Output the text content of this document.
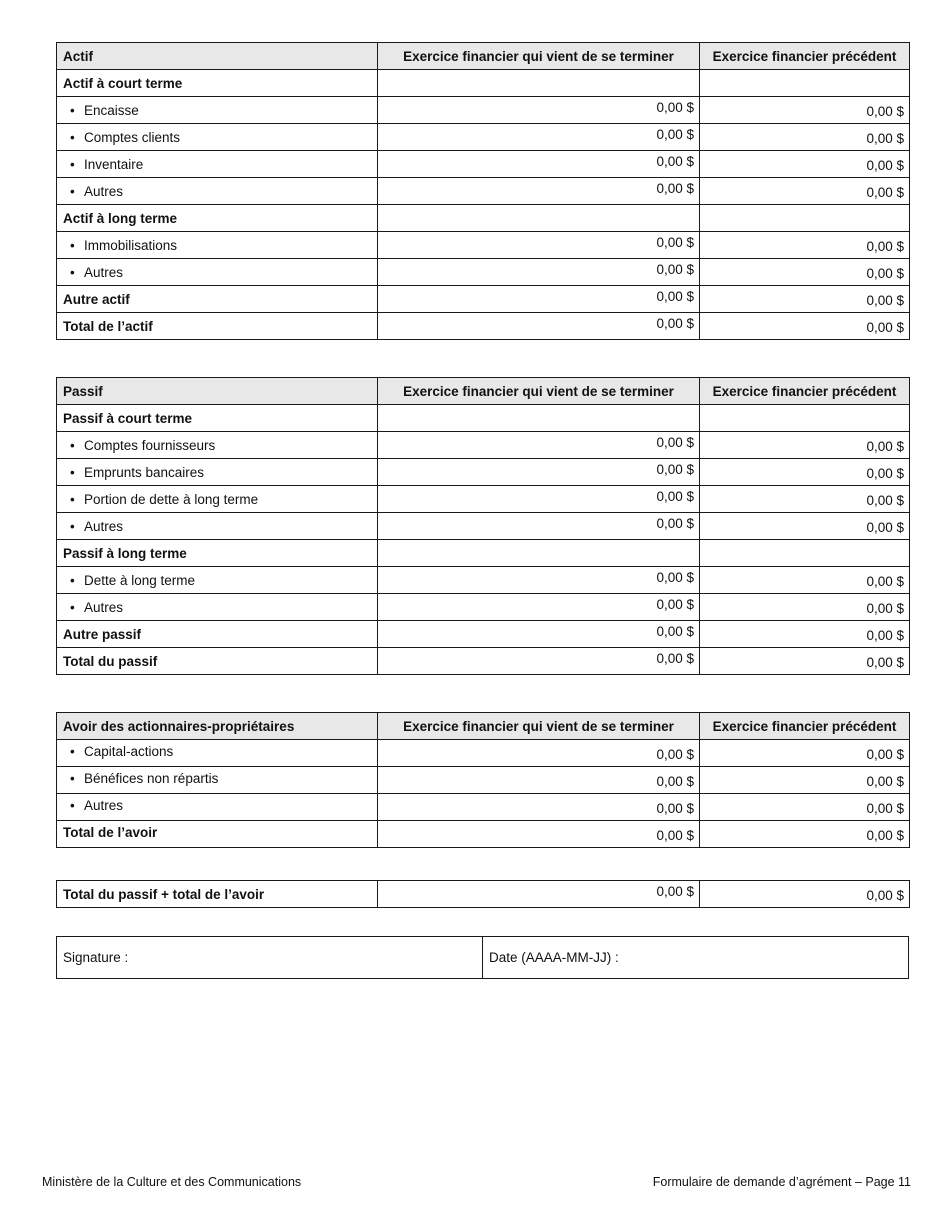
Actif	Exercice financier qui vient de se terminer	Exercice financier précédent
Actif à court terme		
• Encaisse	0,00 $	0,00 $
• Comptes clients	0,00 $	0,00 $
• Inventaire	0,00 $	0,00 $
• Autres	0,00 $	0,00 $
Actif à long terme		
• Immobilisations	0,00 $	0,00 $
• Autres	0,00 $	0,00 $
Autre actif	0,00 $	0,00 $
Total de l’actif	0,00 $	0,00 $
Passif	Exercice financier qui vient de se terminer	Exercice financier précédent
Passif à court terme		
• Comptes fournisseurs	0,00 $	0,00 $
• Emprunts bancaires	0,00 $	0,00 $
• Portion de dette à long terme	0,00 $	0,00 $
• Autres	0,00 $	0,00 $
Passif à long terme		
• Dette à long terme	0,00 $	0,00 $
• Autres	0,00 $	0,00 $
Autre passif	0,00 $	0,00 $
Total du passif	0,00 $	0,00 $
Avoir des actionnaires-propriétaires	Exercice financier qui vient de se terminer	Exercice financier précédent
• Capital-actions	0,00 $	0,00 $
• Bénéfices non répartis	0,00 $	0,00 $
• Autres	0,00 $	0,00 $
Total de l’avoir	0,00 $	0,00 $
Total du passif + total de l’avoir	0,00 $	0,00 $
Signature :	Date (AAAA-MM-JJ) :
Ministère de la Culture et des Communications	Formulaire de demande d’agrément – Page 11
